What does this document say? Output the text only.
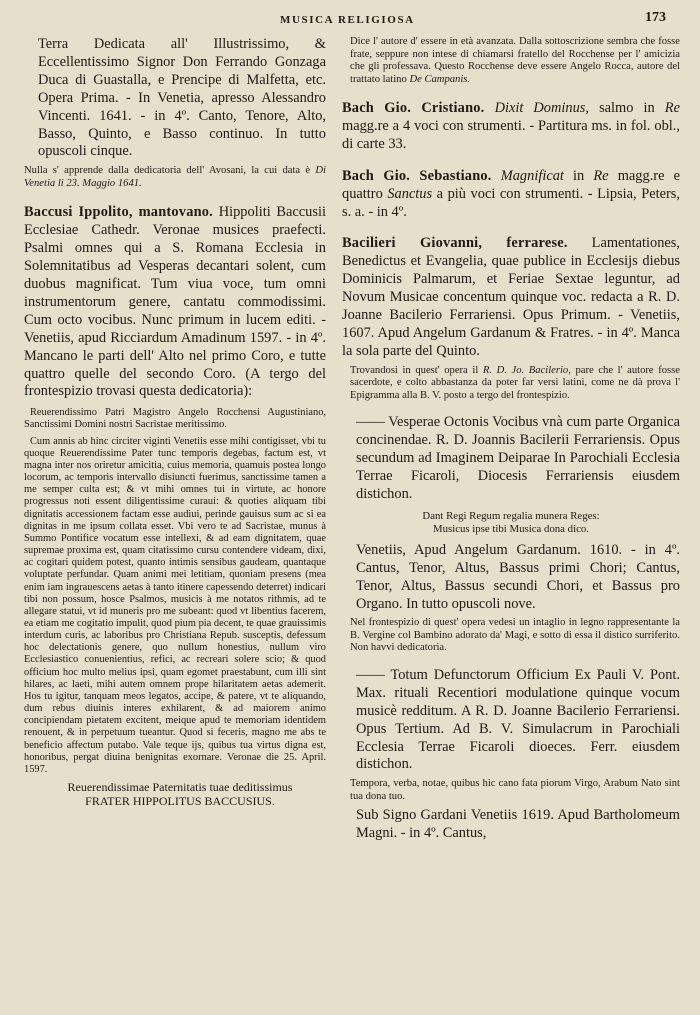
MUSICA RELIGIOSA	173

Terra Dedicata all' Illustrissimo, & Eccellentissimo Signor Don Ferrando Gonzaga Duca di Guastalla, e Prencipe di Malfetta, etc. Opera Prima. - In Venetia, apresso Alessandro Vincenti. 1641. - in 4º. Canto, Tenore, Alto, Basso, Quinto, e Basso continuo. In tutto opuscoli cinque.

Nulla s' apprende dalla dedicatoria dell' Avosani, la cui data è Di Venetia li 23. Maggio 1641.

Baccusi Ippolito, mantovano. Hippoliti Baccusii Ecclesiae Cathedr. Veronae musices praefecti. Psalmi omnes qui a S. Romana Ecclesia in Solemnitatibus ad Vesperas decantari solent, cum duobus magnificat. Tum viua voce, tum omni instrumentorum genere, cantatu commodissimi. Cum octo vocibus. Nunc primum in lucem editi. - Venetiis, apud Ricciardum Amadinum 1597. - in 4º. Mancano le parti dell' Alto nel primo Coro, e tutte quattro quelle del secondo Coro. (A tergo del frontespizio trovasi questa dedicatoria):

Reuerendissimo Patri Magistro Angelo Rocchensi Augustiniano, Sanctissimi Domini nostri Sacristae meritissimo.

Cum annis ab hinc circiter viginti Venetiis esse mihi contigisset, vbi tu quoque Reuerendissime Pater tunc temporis degebas, factum est, vt magna inter nos oriretur amicitia, cuius memoria, quamuis postea longo locorum, ac temporis intervallo disiuncti fuerimus, sanctissime tamen a me semper culta est; & vt mihi omnes tui in virtute, ac honore progressus noti essent diligentissime curaui: & quoties aliquam tibi dignitatis accessionem factam esse audiui, perinde gauisus sum ac si ea dignitas in me ipsum collata esset. Vbi vero te ad Sacristae, munus à Summo Pontifice vocatum esse intellexi, & ad eam dignitatem, quae supremae proxima est, quam citatissimo cursu contendere videam, dixi, ac cogitari quidem potest, quanto intimis sensibus gaudeam, quantaque voluptate perfundar. Quam animi mei letitiam, quoniam presens (mea enim iam ingrauescens aetas à tanto itinere capessendo deterret) indicari tibi non possum, hosce Psalmos, musicis à me notatos rithmis, ad te allegare statui, vt id muneris pro me subeant: quod vt libentius facerem, ea etiam me cogitatio impulit, quod pium pia decent, te quae grauissimis interdum curis, ac laboribus pro Christiana Repub. susceptis, defessum hoc delectationis genere, quo nullum honestius, nullum viro Ecclesiastico conuenientius, refici, ac recreari solere scio; & quod officium hoc multo melius ipsi, quam egomet praestabunt, cum illi sint hilares, ac laeti, mihi autem omnem prope hilaritatem aetas ademerit. Hos tu igitur, tanquam meos legatos, accipe, & patere, vt te aliquando, dum rebus diuinis interes exhilarent, & ad maiorem animo concipiendam pietatem excitent, meique apud te memoriam identidem renouent, & in perpetuum tueantur. Quod si feceris, magno me abs te beneficio affectum putabo. Vale teque ijs, quibus tua virtus digna est, honoribus, pergat diuina benignitas exornare. Veronae die 25. April. 1597.

Reuerendissimae Paternitatis tuae deditissimus

FRATER HIPPOLITUS BACCUSIUS.

Dice l' autore d' essere in età avanzata. Dalla sottoscrizione sembra che fosse frate, seppure non intese di chiamarsi fratello del Rocchense per l' amicizia che gli professava. Questo Rocchense deve essere Angelo Rocca, autore del trattato latino De Campanis.

Bach Gio. Cristiano. Dixit Dominus, salmo in Re magg.re a 4 voci con strumenti. - Partitura ms. in fol. obl., di carte 33.

Bach Gio. Sebastiano. Magnificat in Re magg.re e quattro Sanctus a più voci con strumenti. - Lipsia, Peters, s. a. - in 4º.

Bacilieri Giovanni, ferrarese. Lamentationes, Benedictus et Evangelia, quae publice in Ecclesijs diebus Dominicis Palmarum, et Feriae Sextae leguntur, ad Novum Musicae concentum quinque voc. redacta a R. D. Joanne Bacilerio Ferrariensi. Opus Primum. - Venetiis, 1607. Apud Angelum Gardanum & Fratres. - in 4º. Manca la sola parte del Quinto.

Trovandosi in quest' opera il R. D. Jo. Bacilerio, pare che l' autore fosse sacerdote, e colto abbastanza da poter far versi latini, come ne dà prova l' Epigramma alla B. V. posto a tergo del frontespizio.

—— Vesperae Octonis Vocibus vnà cum parte Organica concinendae. R. D. Joannis Bacilerii Ferrariensis. Opus secundum ad Imaginem Deiparae In Parochiali Ecclesia Terrae Ficaroli, Diocesis Ferrariensis eiusdem distichon.

Dant Regi Regum regalia munera Reges:

Musicus ipse tibi Musica dona dico.

Venetiis, Apud Angelum Gardanum. 1610. - in 4º. Cantus, Tenor, Altus, Bassus primi Chori; Cantus, Tenor, Altus, Bassus secundi Chori, et Bassus pro Organo. In tutto opuscoli nove.

Nel frontespizio di quest' opera vedesi un intaglio in legno rappresentante la B. Vergine col Bambino adorato da' Magi, e sotto di essa il distico surriferito. Non havvi dedicatoria.

—— Totum Defunctorum Officium Ex Pauli V. Pont. Max. rituali Recentiori modulatione quinque vocum musicè redditum. A R. D. Joanne Bacilerio Ferrariensi. Opus Tertium. Ad B. V. Simulacrum in Parochiali Ecclesia Terrae Ficaroli dioeces. Ferr. eiusdem distichon.

Tempora, verba, notae, quibus hic cano fata piorum Virgo, Arabum Nato sint tua dona tuo.

Sub Signo Gardani Venetiis 1619. Apud Bartholomeum Magni. - in 4º. Cantus,
